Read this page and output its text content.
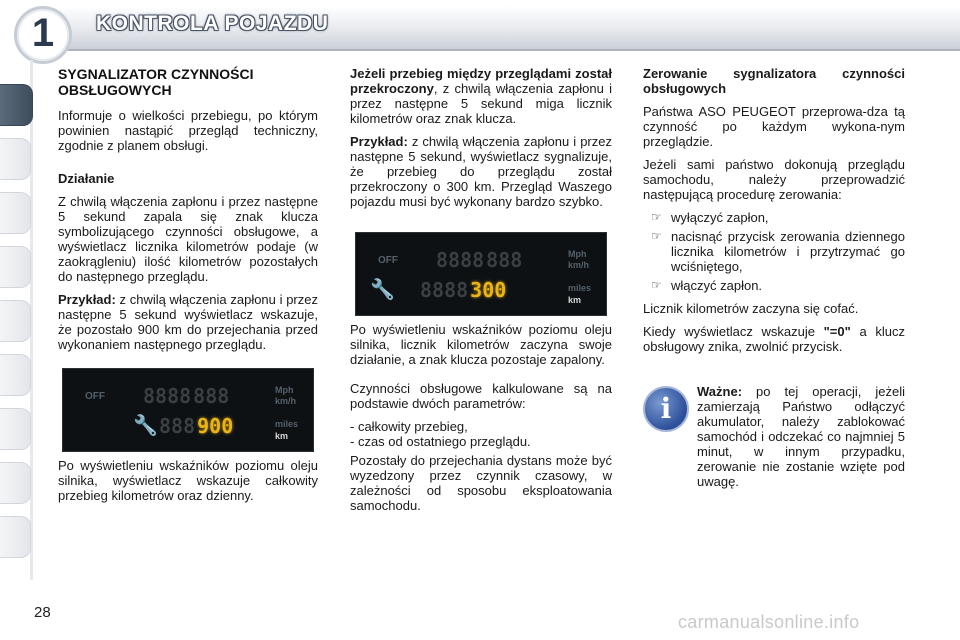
1	KONTROLA POJAZDU
SYGNALIZATOR CZYNNOŚCI OBSŁUGOWYCH

Informuje o wielkości przebiegu, po którym powinien nastąpić przegląd techniczny, zgodnie z planem obsługi.

Działanie

Z chwilą włączenia zapłonu i przez następne 5 sekund zapala się znak klucza symbolizującego czynności obsługowe, a wyświetlacz licznika kilometrów podaje (w zaokrągleniu) ilość kilometrów pozostałych do następnego przeglądu.

Przykład: z chwilą włączenia zapłonu i przez następne 5 sekund wyświetlacz wskazuje, że pozostało 900 km do przejechania przed wykonaniem następnego przeglądu.

OFF 8888 888	Mph
km/h
🔧 888 900	miles
km

Po wyświetleniu wskaźników poziomu oleju silnika, wyświetlacz wskazuje całkowity przebieg kilometrów oraz dzienny.

Jeżeli przebieg między przeglądami został przekroczony, z chwilą włączenia zapłonu i przez następne 5 sekund miga licznik kilometrów oraz znak klucza.

Przykład: z chwilą włączenia zapłonu i przez następne 5 sekund, wyświetlacz sygnalizuje, że przebieg do przeglądu został przekroczony o 300 km. Przegląd Waszego pojazdu musi być wykonany bardzo szybko.

OFF 8888 888	Mph
km/h
🔧 8888 300	miles
km

Po wyświetleniu wskaźników poziomu oleju silnika, licznik kilometrów zaczyna swoje działanie, a znak klucza pozostaje zapalony.

Czynności obsługowe kalkulowane są na podstawie dwóch parametrów:

- całkowity przebieg,
- czas od ostatniego przeglądu.

Pozostały do przejechania dystans może być wyzedzony przez czynnik czasowy, w zależności od sposobu eksploatowania samochodu.

Zerowanie sygnalizatora czynności obsługowych

Państwa ASO PEUGEOT przeprowa-dza tą czynność po każdym wykona-nym przeglądzie.

Jeżeli sami państwo dokonują przeglądu samochodu, należy przeprowadzić następującą procedurę zerowania:

☞ wyłączyć zapłon,
☞ nacisnąć przycisk zerowania dziennego licznika kilometrów i przytrzymać go wciśniętego,
☞ włączyć zapłon.

Licznik kilometrów zaczyna się cofać.

Kiedy wyświetlacz wskazuje "=0" a klucz obsługowy znika, zwolnić przycisk.

i

Ważne: po tej operacji, jeżeli zamierzają Państwo odłączyć akumulator, należy zablokować samochód i odczekać co najmniej 5 minut, w innym przypadku, zerowanie nie zostanie wzięte pod uwagę.

28	carmanualsonline.info
